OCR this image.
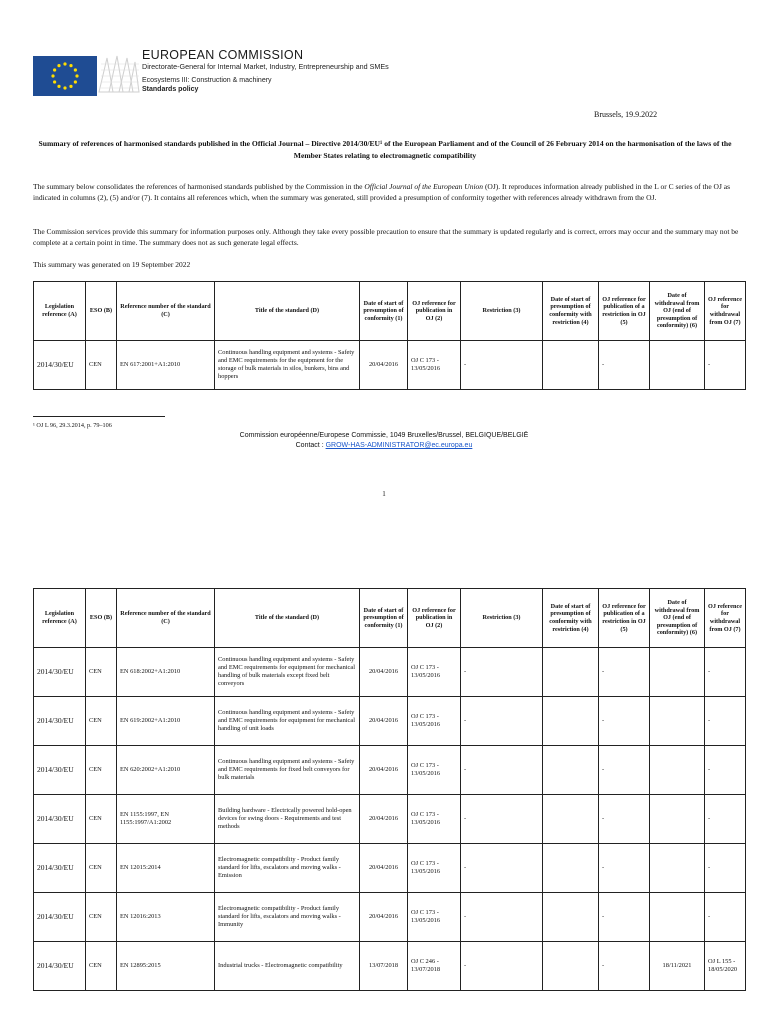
EUROPEAN COMMISSION
Directorate-General for Internal Market, Industry, Entrepreneurship and SMEs
Ecosystems III: Construction & machinery
Standards policy
Brussels, 19.9.2022
Summary of references of harmonised standards published in the Official Journal – Directive 2014/30/EU¹ of the European Parliament and of the Council of 26 February 2014 on the harmonisation of the laws of the Member States relating to electromagnetic compatibility
The summary below consolidates the references of harmonised standards published by the Commission in the Official Journal of the European Union (OJ). It reproduces information already published in the L or C series of the OJ as indicated in columns (2), (5) and/or (7). It contains all references which, when the summary was generated, still provided a presumption of conformity together with references already withdrawn from the OJ.
The Commission services provide this summary for information purposes only. Although they take every possible precaution to ensure that the summary is updated regularly and is correct, errors may occur and the summary may not be complete at a certain point in time. The summary does not as such generate legal effects.
This summary was generated on 19 September 2022
Legislation reference (A)	ESO (B)	Reference number of the standard (C)	Title of the standard (D)	Date of start of presumption of conformity (1)	OJ reference for publication in OJ (2)	Restriction (3)	Date of start of presumption of conformity with restriction (4)	OJ reference for publication of a restriction in OJ (5)	Date of withdrawal from OJ (end of presumption of conformity) (6)	OJ reference for withdrawal from OJ (7)
2014/30/EU	CEN	EN 617:2001+A1:2010	Continuous handling equipment and systems - Safety and EMC requirements for the equipment for the storage of bulk materials in silos, bunkers, bins and hoppers	20/04/2016	OJ C 173 - 13/05/2016	-		-		-
¹ OJ L 96, 29.3.2014, p. 79–106
Commission européenne/Europese Commissie, 1049 Bruxelles/Brussel, BELGIQUE/BELGIË
Contact : GROW-HAS-ADMINISTRATOR@ec.europa.eu
1
Legislation reference (A)	ESO (B)	Reference number of the standard (C)	Title of the standard (D)	Date of start of presumption of conformity (1)	OJ reference for publication in OJ (2)	Restriction (3)	Date of start of presumption of conformity with restriction (4)	OJ reference for publication of a restriction in OJ (5)	Date of withdrawal from OJ (end of presumption of conformity) (6)	OJ reference for withdrawal from OJ (7)
2014/30/EU	CEN	EN 618:2002+A1:2010	Continuous handling equipment and systems - Safety and EMC requirements for equipment for mechanical handling of bulk materials except fixed belt conveyors	20/04/2016	OJ C 173 - 13/05/2016	-		-		-
2014/30/EU	CEN	EN 619:2002+A1:2010	Continuous handling equipment and systems - Safety and EMC requirements for equipment for mechanical handling of unit loads	20/04/2016	OJ C 173 - 13/05/2016	-		-		-
2014/30/EU	CEN	EN 620:2002+A1:2010	Continuous handling equipment and systems - Safety and EMC requirements for fixed belt conveyors for bulk materials	20/04/2016	OJ C 173 - 13/05/2016	-		-		-
2014/30/EU	CEN	EN 1155:1997, EN 1155:1997/A1:2002	Building hardware - Electrically powered hold-open devices for swing doors - Requirements and test methods	20/04/2016	OJ C 173 - 13/05/2016	-		-		-
2014/30/EU	CEN	EN 12015:2014	Electromagnetic compatibility - Product family standard for lifts, escalators and moving walks - Emission	20/04/2016	OJ C 173 - 13/05/2016	-		-		-
2014/30/EU	CEN	EN 12016:2013	Electromagnetic compatibility - Product family standard for lifts, escalators and moving walks - Immunity	20/04/2016	OJ C 173 - 13/05/2016	-		-		-
2014/30/EU	CEN	EN 12895:2015	Industrial trucks - Electromagnetic compatibility	13/07/2018	OJ C 246 - 13/07/2018	-		-	18/11/2021	OJ L 155 - 18/05/2020
